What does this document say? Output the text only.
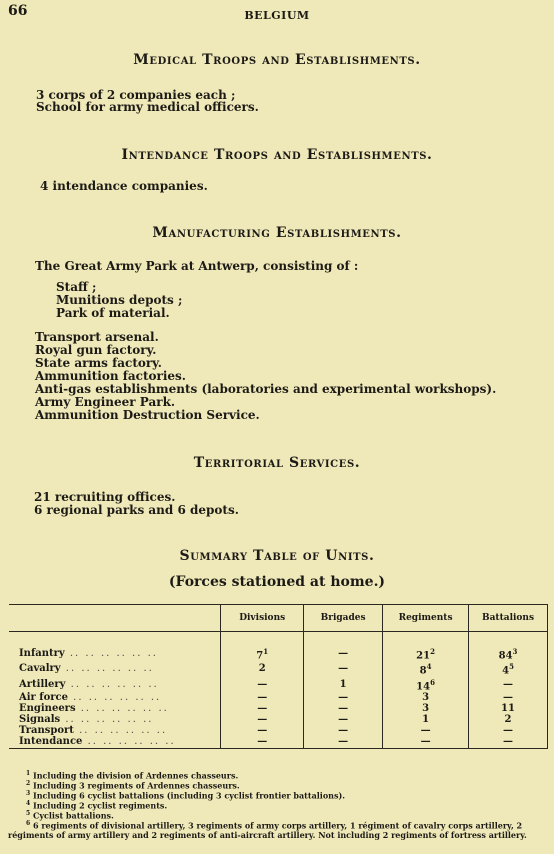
66	BELGIUM
Medical Troops and Establishments.
3 corps of 2 companies each ;
School for army medical officers.
Intendance Troops and Establishments.
4 intendance companies.
Manufacturing Establishments.
The Great Army Park at Antwerp, consisting of :
Staff ;
Munitions depots ;
Park of material.
Transport arsenal.
Royal gun factory.
State arms factory.
Ammunition factories.
Anti-gas establishments (laboratories and experimental workshops).
Army Engineer Park.
Ammunition Destruction Service.
Territorial Services.
21 recruiting offices.
6 regional parks and 6 depots.
Summary Table of Units.
(Forces stationed at home.)
	Divisions	Brigades	Regiments	Battalions

Infantry .. .. .. .. .. ..	$7^1$	—	$21^2$	$84^3$
Cavalry .. .. .. .. .. ..	2	—	$8^4$	$4^5$
Artillery .. .. .. .. .. ..	—	1	$14^6$	—
Air force .. .. .. .. .. ..	—	—	3	—
Engineers .. .. .. .. .. ..	—	—	3	11
Signals .. .. .. .. .. ..	—	—	1	2
Transport .. .. .. .. .. ..	—	—	—	—
Intendance .. .. .. .. .. ..	—	—	—	—
$^1$ Including the division of Ardennes chasseurs.
$^2$ Including 3 regiments of Ardennes chasseurs.
$^3$ Including 6 cyclist battalions (including 3 cyclist frontier battalions).
$^4$ Including 2 cyclist regiments.
$^5$ Cyclist battalions.
$^6$ 6 regiments of divisional artillery, 3 regiments of army corps artillery, 1 régiment of cavalry corps artillery, 2 régiments of army artillery and 2 regiments of anti-aircraft artillery. Not including 2 regiments of fortress artillery.
